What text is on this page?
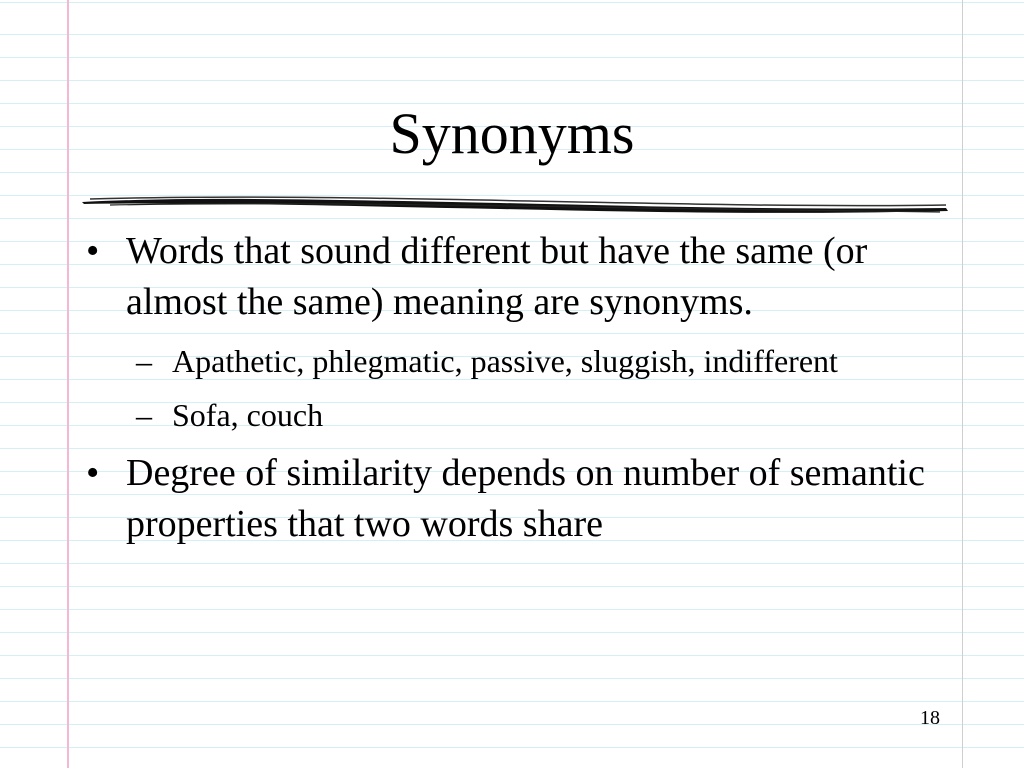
Synonyms
• Words that sound different but have the same (or almost the same) meaning are synonyms.
– Apathetic, phlegmatic, passive, sluggish, indifferent
– Sofa, couch
• Degree of similarity depends on number of semantic properties that two words share
18
